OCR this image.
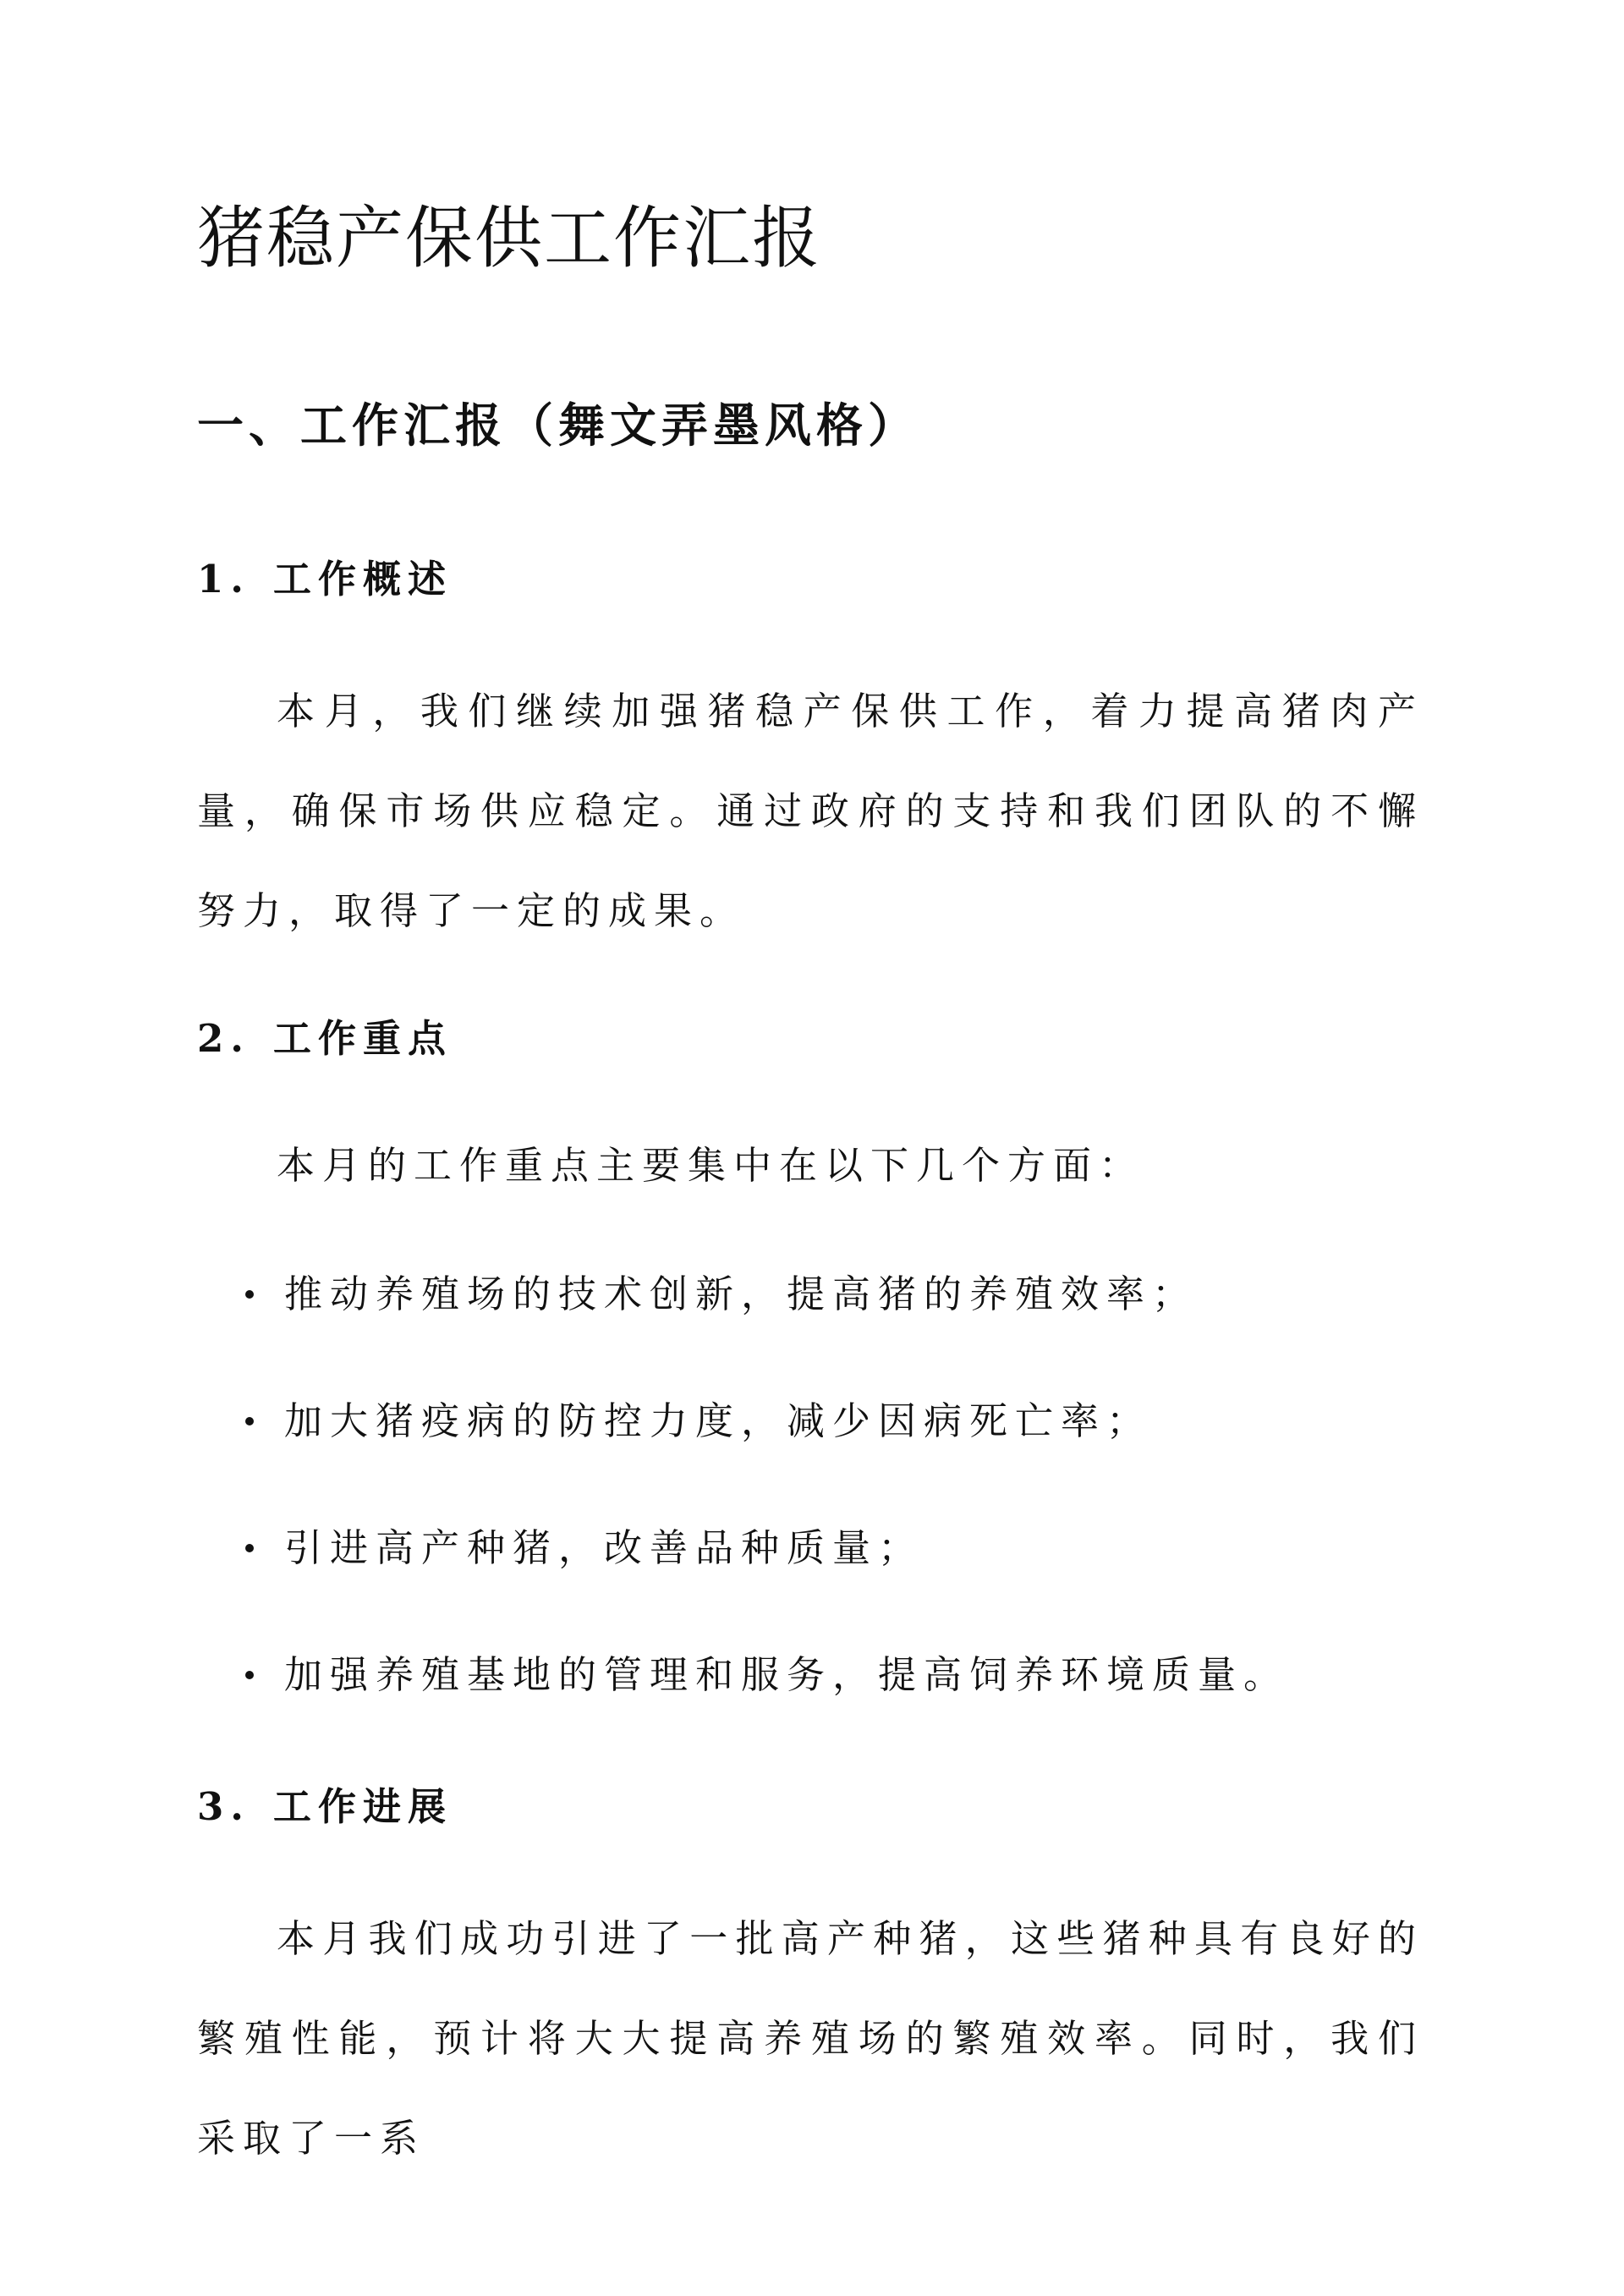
猪稳产保供工作汇报
一、工作汇报（舞文弄墨风格）
1. 工作概述

本月，我们继续加强猪稳产保供工作，着力提高猪肉产量，确保市场供应稳定。通过政府的支持和我们团队的不懈努力，取得了一定的成果。

2. 工作重点

本月的工作重点主要集中在以下几个方面：

推动养殖场的技术创新，提高猪的养殖效率；
加大猪疫病的防控力度，减少因病死亡率；
引进高产种猪，改善品种质量；
加强养殖基地的管理和服务，提高饲养环境质量。
3. 工作进展

本月我们成功引进了一批高产种猪，这些猪种具有良好的繁殖性能，预计将大大提高养殖场的繁殖效率。同时，我们采取了一系
